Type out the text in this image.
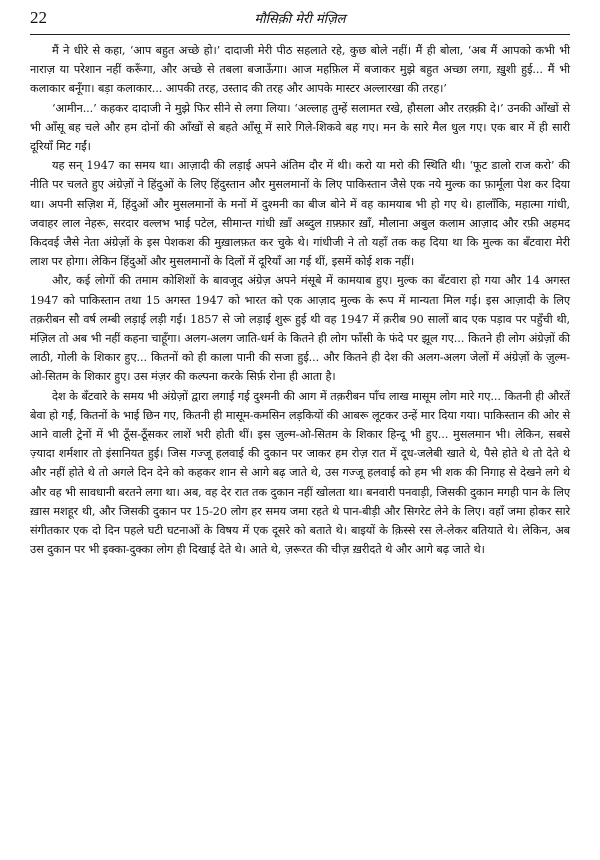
22	मौसिक़ी मेरी मंज़िल

मैं ने धीरे से कहा, ‘आप बहुत अच्छे हो।’ दादाजी मेरी पीठ सहलाते रहे, कुछ बोले नहीं। मैं ही बोला, ‘अब मैं आपको कभी भी नाराज़ या परेशान नहीं करूँगा, और अच्छे से तबला बजाऊँगा। आज महफ़िल में बजाकर मुझे बहुत अच्छा लगा, ख़ुशी हुई... मैं भी कलाकार बनूँगा। बड़ा कलाकार... आपकी तरह, उस्ताद की तरह और आपके मास्टर अल्लारखा की तरह।’

‘आमीन...’ कहकर दादाजी ने मुझे फिर सीने से लगा लिया। ‘अल्लाह तुम्हें सलामत रखे, हौसला और तरक़्क़ी दे।’ उनकी आँखों से भी आँसू बह चले और हम दोनों की आँखों से बहते आँसू में सारे गिले-शिकवे बह गए। मन के सारे मैल धुल गए। एक बार में ही सारी दूरियाँ मिट गईं।

यह सन् 1947 का समय था। आज़ादी की लड़ाई अपने अंतिम दौर में थी। करो या मरो की स्थिति थी। ‘फूट डालो राज करो’ की नीति पर चलते हुए अंग्रेज़ों ने हिंदुओं के लिए हिंदुस्तान और मुसलमानों के लिए पाकिस्तान जैसे एक नये मुल्क का फ़ार्मूला पेश कर दिया था। अपनी सज़िश में, हिंदुओं और मुसलमानों के मनों में दुश्मनी का बीज बोने में वह कामयाब भी हो गए थे। हालाँकि, महात्मा गांधी, जवाहर लाल नेहरू, सरदार वल्लभ भाई पटेल, सीमान्त गांधी ख़ाँ अब्दुल ग़फ़्फ़ार ख़ाँ, मौलाना अबुल कलाम आज़ाद और रफ़ी अहमद किदवई जैसे नेता अंग्रेज़ों के इस पेशकश की मुख़ालफ़त कर चुके थे। गांधीजी ने तो यहाँ तक कह दिया था कि मुल्क का बँटवारा मेरी लाश पर होगा। लेकिन हिंदुओं और मुसलमानों के दिलों में दूरियाँ आ गई थीं, इसमें कोई शक नहीं।

और, कई लोगों की तमाम कोशिशों के बावजूद अंग्रेज़ अपने मंसूबे में कामयाब हुए। मुल्क का बँटवारा हो गया और 14 अगस्त 1947 को पाकिस्तान तथा 15 अगस्त 1947 को भारत को एक आज़ाद मुल्क के रूप में मान्यता मिल गई। इस आज़ादी के लिए तक़रीबन सौ वर्ष लम्बी लड़ाई लड़ी गई। 1857 से जो लड़ाई शुरू हुई थी वह 1947 में क़रीब 90 सालों बाद एक पड़ाव पर पहुँची थी, मंज़िल तो अब भी नहीं कहना चाहूँगा। अलग-अलग जाति-धर्म के कितने ही लोग फाँसी के फंदे पर झूल गए... कितने ही लोग अंग्रेज़ों की लाठी, गोली के शिकार हुए... कितनों को ही काला पानी की सजा हुई... और कितने ही देश की अलग-अलग जेलों में अंग्रेज़ों के ज़ुल्म-ओ-सितम के शिकार हुए। उस मंज़र की कल्पना करके सिर्फ़ रोना ही आता है।

देश के बँटवारे के समय भी अंग्रेज़ों द्वारा लगाई गई दुश्मनी की आग में तक़रीबन पाँच लाख मासूम लोग मारे गए... कितनी ही औरतें बेवा हो गईं, कितनों के भाई छिन गए, कितनी ही मासूम-कमसिन लड़कियों की आबरू लूटकर उन्हें मार दिया गया। पाकिस्तान की ओर से आने वाली ट्रेनों में भी ठूँस-ठूँसकर लाशें भरी होती थीं। इस ज़ुल्म-ओ-सितम के शिकार हिन्दू भी हुए... मुसलमान भी। लेकिन, सबसे ज़्यादा शर्मशार तो इंसानियत हुई। जिस गज्जू हलवाई की दुकान पर जाकर हम रोज़ रात में दूध-जलेबी खाते थे, पैसे होते थे तो देते थे और नहीं होते थे तो अगले दिन देने को कहकर शान से आगे बढ़ जाते थे, उस गज्जू हलवाई को हम भी शक की निगाह से देखने लगे थे और वह भी सावधानी बरतने लगा था। अब, वह देर रात तक दुकान नहीं खोलता था। बनवारी पनवाड़ी, जिसकी दुकान मगही पान के लिए ख़ास मशहूर थी, और जिसकी दुकान पर 15-20 लोग हर समय जमा रहते थे पान-बीड़ी और सिगरेट लेने के लिए। वहाँ जमा होकर सारे संगीतकार एक दो दिन पहले घटी घटनाओं के विषय में एक दूसरे को बताते थे। बाइयों के क़िस्से रस ले-लेकर बतियाते थे। लेकिन, अब उस दुकान पर भी इक्का-दुक्का लोग ही दिखाई देते थे। आते थे, ज़रूरत की चीज़ ख़रीदते थे और आगे बढ़ जाते थे।
